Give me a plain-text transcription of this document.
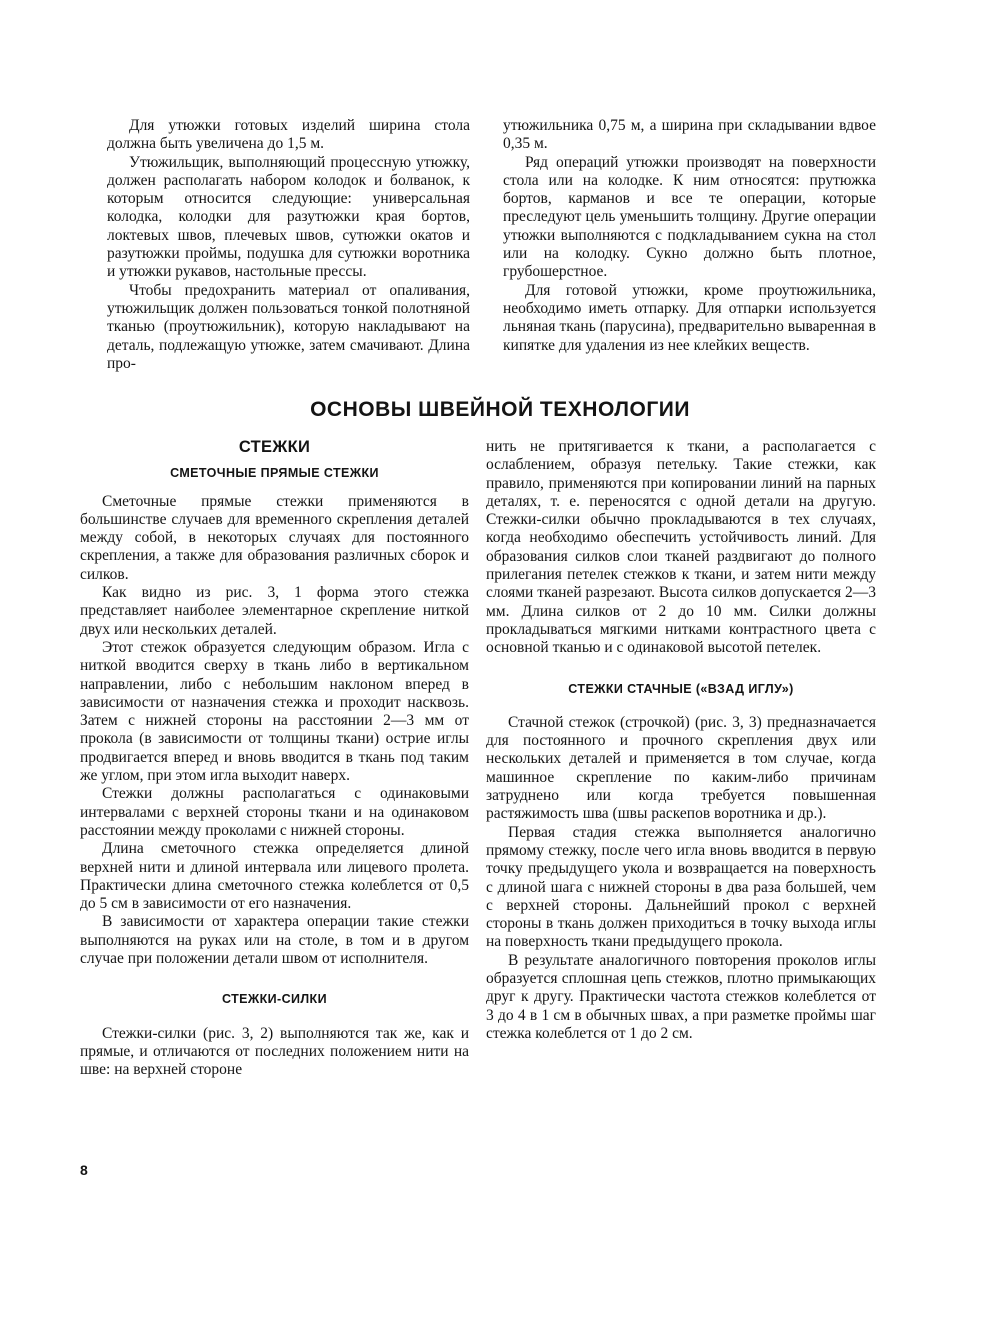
Для утюжки готовых изделий ширина стола должна быть увеличена до 1,5 м.

Утюжильщик, выполняющий процессную утюжку, должен располагать набором колодок и болванок, к которым относится следующие: универсальная колодка, колодки для разутюжки края бортов, локтевых швов, плечевых швов, сутюжки окатов и разутюжки проймы, подушка для сутюжки воротника и утюжки рукавов, настольные прессы.

Чтобы предохранить материал от опаливания, утюжильщик должен пользоваться тонкой полотняной тканью (проутюжильник), которую накладывают на деталь, подлежащую утюжке, затем смачивают. Длина про-

утюжильника 0,75 м, а ширина при складывании вдвое 0,35 м.

Ряд операций утюжки производят на поверхности стола или на колодке. К ним относятся: прутюжка бортов, карманов и все те операции, которые преследуют цель уменьшить толщину. Другие операции утюжки выполняются с подкладыванием сукна на стол или на колодку. Сукно должно быть плотное, грубошерстное.

Для готовой утюжки, кроме проутюжильника, необходимо иметь отпарку. Для отпарки используется льняная ткань (парусина), предварительно вываренная в кипятке для удаления из нее клейких веществ.

ОСНОВЫ ШВЕЙНОЙ ТЕХНОЛОГИИ
СТЕЖКИ
СМЕТОЧНЫЕ ПРЯМЫЕ СТЕЖКИ

Сметочные прямые стежки применяются в большинстве случаев для временного скрепления деталей между собой, в некоторых случаях для постоянного скрепления, а также для образования различных сборок и силков.

Как видно из рис. 3, 1 форма этого стежка представляет наиболее элементарное скрепление ниткой двух или нескольких деталей.

Этот стежок образуется следующим образом. Игла с ниткой вводится сверху в ткань либо в вертикальном направлении, либо с небольшим наклоном вперед в зависимости от назначения стежка и проходит насквозь. Затем с нижней стороны на расстоянии 2—3 мм от прокола (в зависимости от толщины ткани) острие иглы продвигается вперед и вновь вводится в ткань под таким же углом, при этом игла выходит наверх.

Стежки должны располагаться с одинаковыми интервалами с верхней стороны ткани и на одинаковом расстоянии между проколами с нижней стороны.

Длина сметочного стежка определяется длиной верхней нити и длиной интервала или лицевого пролета. Практически длина сметочного стежка колеблется от 0,5 до 5 см в зависимости от его назначения.

В зависимости от характера операции такие стежки выполняются на руках или на столе, в том и в другом случае при положении детали швом от исполнителя.

СТЕЖКИ-СИЛКИ

Стежки-силки (рис. 3, 2) выполняются так же, как и прямые, и отличаются от последних положением нити на шве: на верхней стороне

нить не притягивается к ткани, а располагается с ослаблением, образуя петельку. Такие стежки, как правило, применяются при копировании линий на парных деталях, т. е. переносятся с одной детали на другую. Стежки-силки обычно прокладываются в тех случаях, когда необходимо обеспечить устойчивость линий. Для образования силков слои тканей раздвигают до полного прилегания петелек стежков к ткани, и затем нити между слоями тканей разрезают. Высота силков допускается 2—3 мм. Длина силков от 2 до 10 мм. Силки должны прокладываться мягкими нитками контрастного цвета с основной тканью и с одинаковой высотой петелек.

СТЕЖКИ СТАЧНЫЕ («ВЗАД ИГЛУ»)

Стачной стежок (строчкой) (рис. 3, 3) предназначается для постоянного и прочного скрепления двух или нескольких деталей и применяется в том случае, когда машинное скрепление по каким-либо причинам затруднено или когда требуется повышенная растяжимость шва (швы раскепов воротника и др.).

Первая стадия стежка выполняется аналогично прямому стежку, после чего игла вновь вводится в первую точку предыдущего укола и возвращается на поверхность с длиной шага с нижней стороны в два раза большей, чем с верхней стороны. Дальнейший прокол с верхней стороны в ткань должен приходиться в точку выхода иглы на поверхность ткани предыдущего прокола.

В результате аналогичного повторения проколов иглы образуется сплошная цепь стежков, плотно примыкающих друг к другу. Практически частота стежков колеблется от 3 до 4 в 1 см в обычных швах, а при разметке проймы шаг стежка колеблется от 1 до 2 см.

8
